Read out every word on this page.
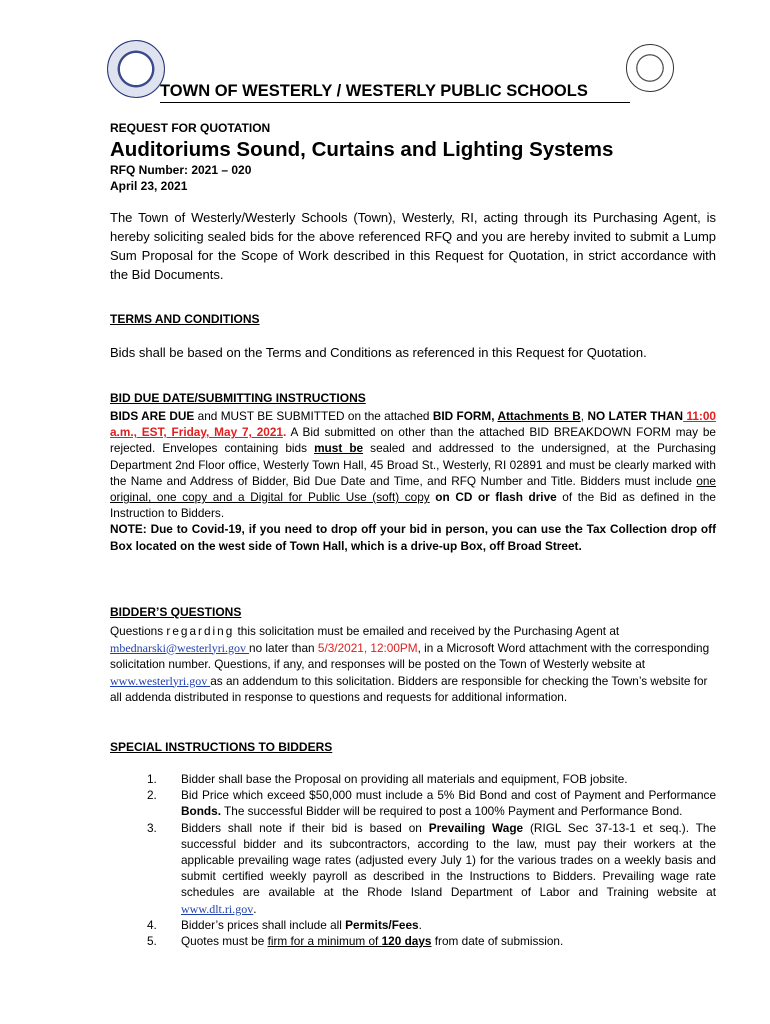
TOWN OF WESTERLY / WESTERLY PUBLIC SCHOOLS
REQUEST FOR QUOTATION
Auditoriums Sound, Curtains and Lighting Systems
RFQ Number: 2021 – 020
April 23, 2021
The Town of Westerly/Westerly Schools (Town), Westerly, RI, acting through its Purchasing Agent, is hereby soliciting sealed bids for the above referenced RFQ and you are hereby invited to submit a Lump Sum Proposal for the Scope of Work described in this Request for Quotation, in strict accordance with the Bid Documents.
TERMS AND CONDITIONS
Bids shall be based on the Terms and Conditions as referenced in this Request for Quotation.
BID DUE DATE/SUBMITTING INSTRUCTIONS
BIDS ARE DUE and MUST BE SUBMITTED on the attached BID FORM, Attachments B, NO LATER THAN 11:00 a.m., EST, Friday, May 7, 2021. A Bid submitted on other than the attached BID BREAKDOWN FORM may be rejected. Envelopes containing bids must be sealed and addressed to the undersigned, at the Purchasing Department 2nd Floor office, Westerly Town Hall, 45 Broad St., Westerly, RI 02891 and must be clearly marked with the Name and Address of Bidder, Bid Due Date and Time, and RFQ Number and Title. Bidders must include one original, one copy and a Digital for Public Use (soft) copy on CD or flash drive of the Bid as defined in the Instruction to Bidders.
NOTE: Due to Covid-19, if you need to drop off your bid in person, you can use the Tax Collection drop off Box located on the west side of Town Hall, which is a drive-up Box, off Broad Street.
BIDDER’S QUESTIONS
Questions regarding this solicitation must be emailed and received by the Purchasing Agent at mbednarski@westerlyri.gov no later than 5/3/2021, 12:00PM, in a Microsoft Word attachment with the corresponding solicitation number. Questions, if any, and responses will be posted on the Town of Westerly website at www.westerlyri.gov as an addendum to this solicitation. Bidders are responsible for checking the Town’s website for all addenda distributed in response to questions and requests for additional information.
SPECIAL INSTRUCTIONS TO BIDDERS
1. Bidder shall base the Proposal on providing all materials and equipment, FOB jobsite.
2. Bid Price which exceed $50,000 must include a 5% Bid Bond and cost of Payment and Performance Bonds. The successful Bidder will be required to post a 100% Payment and Performance Bond.
3. Bidders shall note if their bid is based on Prevailing Wage (RIGL Sec 37-13-1 et seq.). The successful bidder and its subcontractors, according to the law, must pay their workers at the applicable prevailing wage rates (adjusted every July 1) for the various trades on a weekly basis and submit certified weekly payroll as described in the Instructions to Bidders. Prevailing wage rate schedules are available at the Rhode Island Department of Labor and Training website at www.dlt.ri.gov.
4. Bidder’s prices shall include all Permits/Fees.
5. Quotes must be firm for a minimum of 120 days from date of submission.
